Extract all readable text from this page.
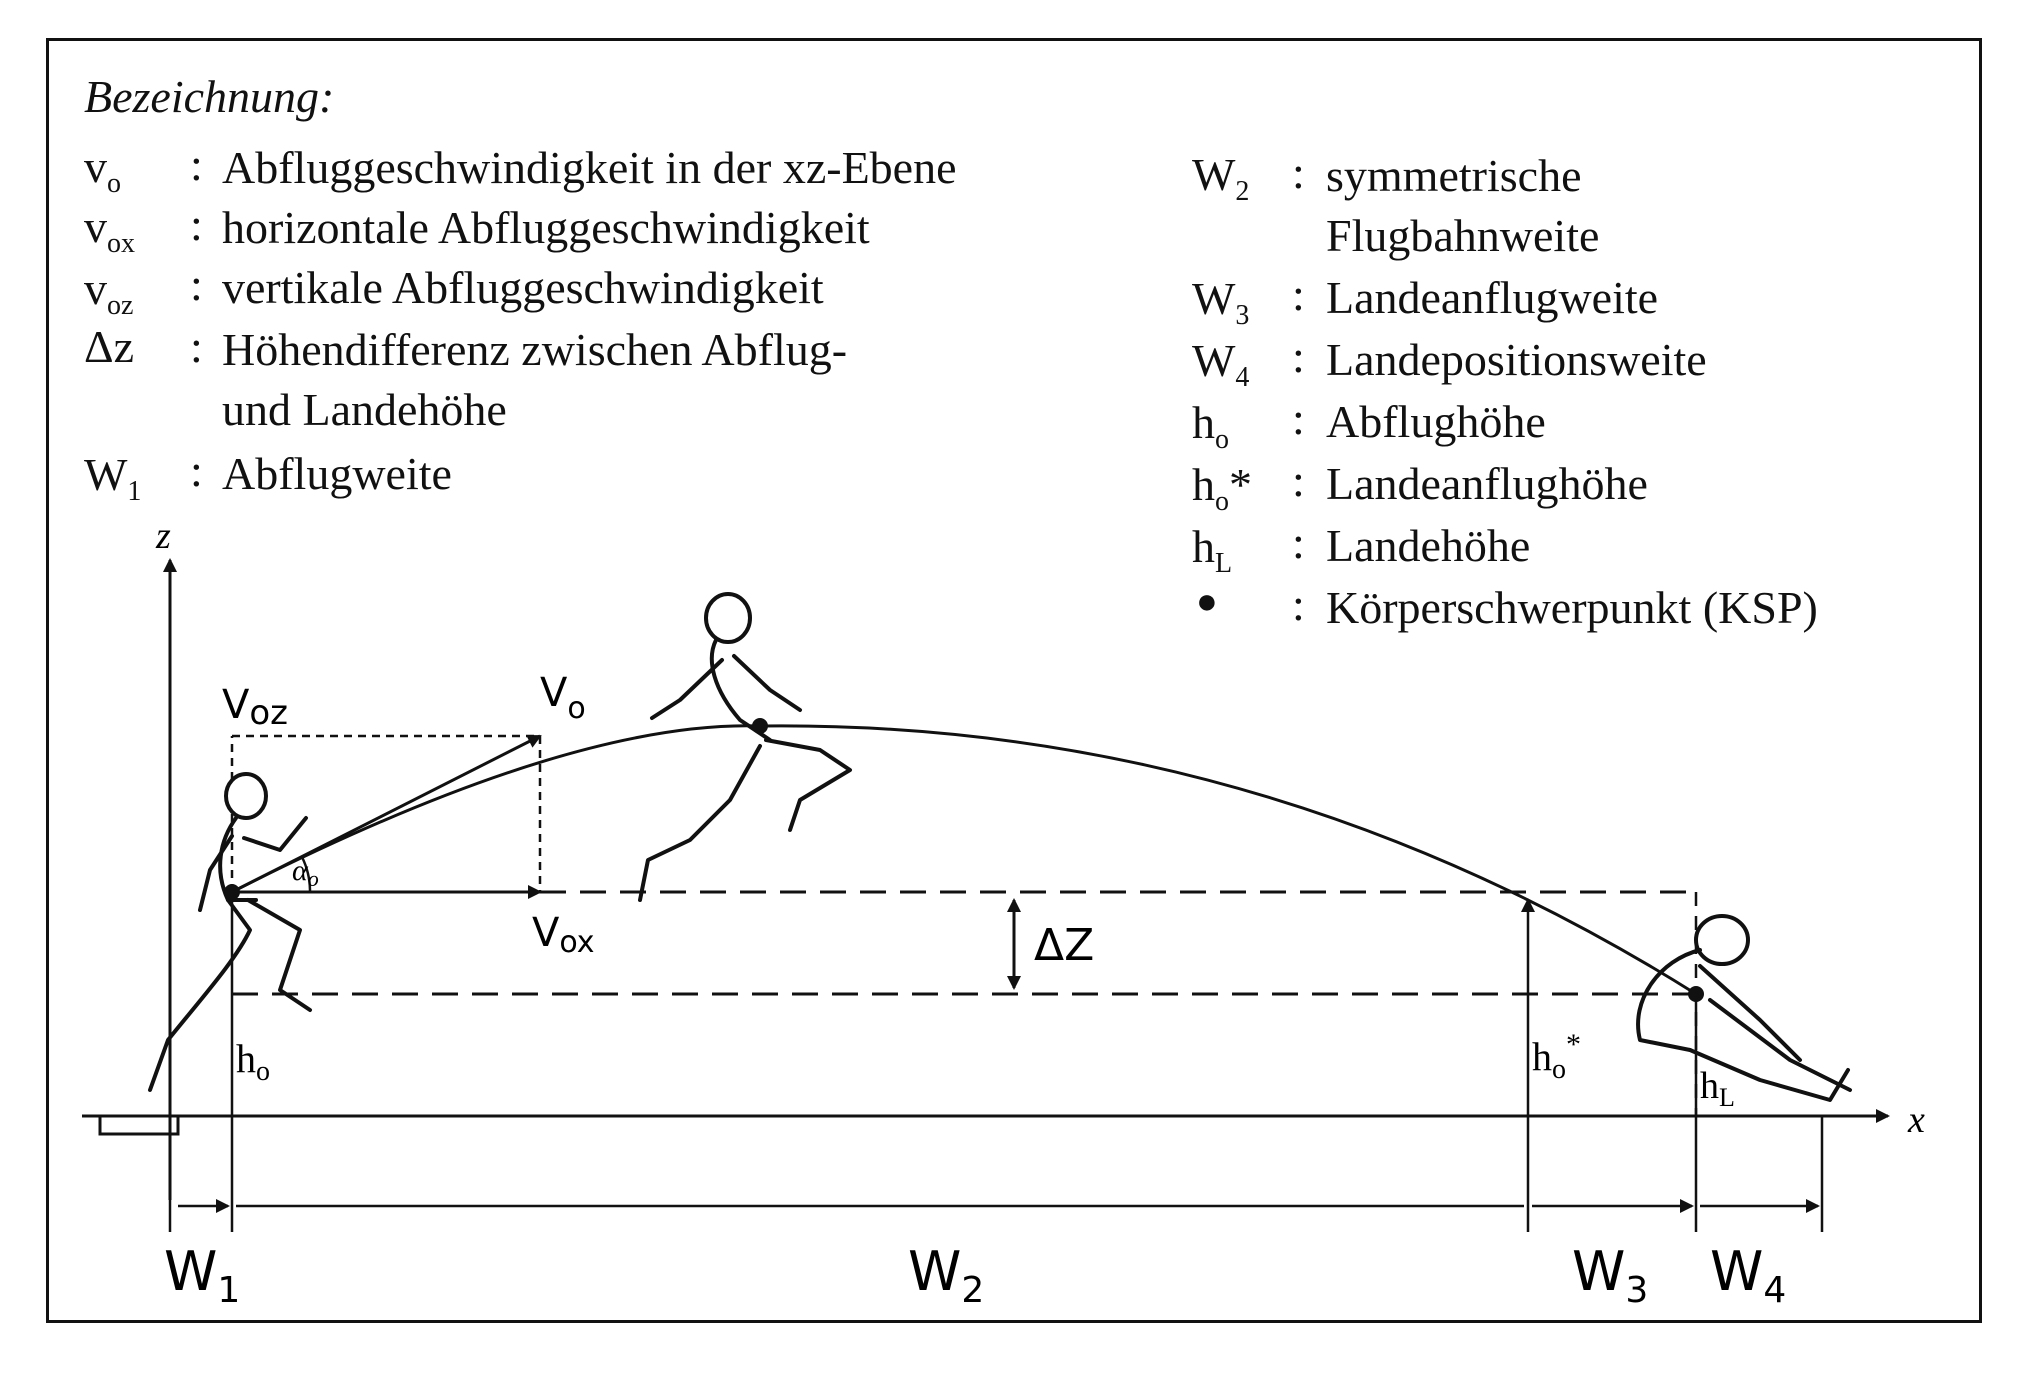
Bezeichnung:
$v_o$ : Abfluggeschwindigkeit in der xz-Ebene
$v_{ox}$ : horizontale Abfluggeschwindigkeit
$v_{oz}$ : vertikale Abfluggeschwindigkeit
Δz : Höhendifferenz zwischen Abflug-
und Landehöhe
$W_1$ : Abflugweite
$W_2$ : symmetrische
Flugbahnweite
$W_3$ : Landeanflugweite
$W_4$ : Landepositionsweite
$h_o$ : Abflughöhe
$h_o*$ : Landeanflughöhe
$h_L$ : Landehöhe
● : Körperschwerpunkt (KSP)
z
x
Voz	$V_o$
Vox
$\alpha_o$
ΔZ
$h_o$	$h_o^*$
$h_L$
$W_1$	$W_2$	$W_3$ $W_4$
